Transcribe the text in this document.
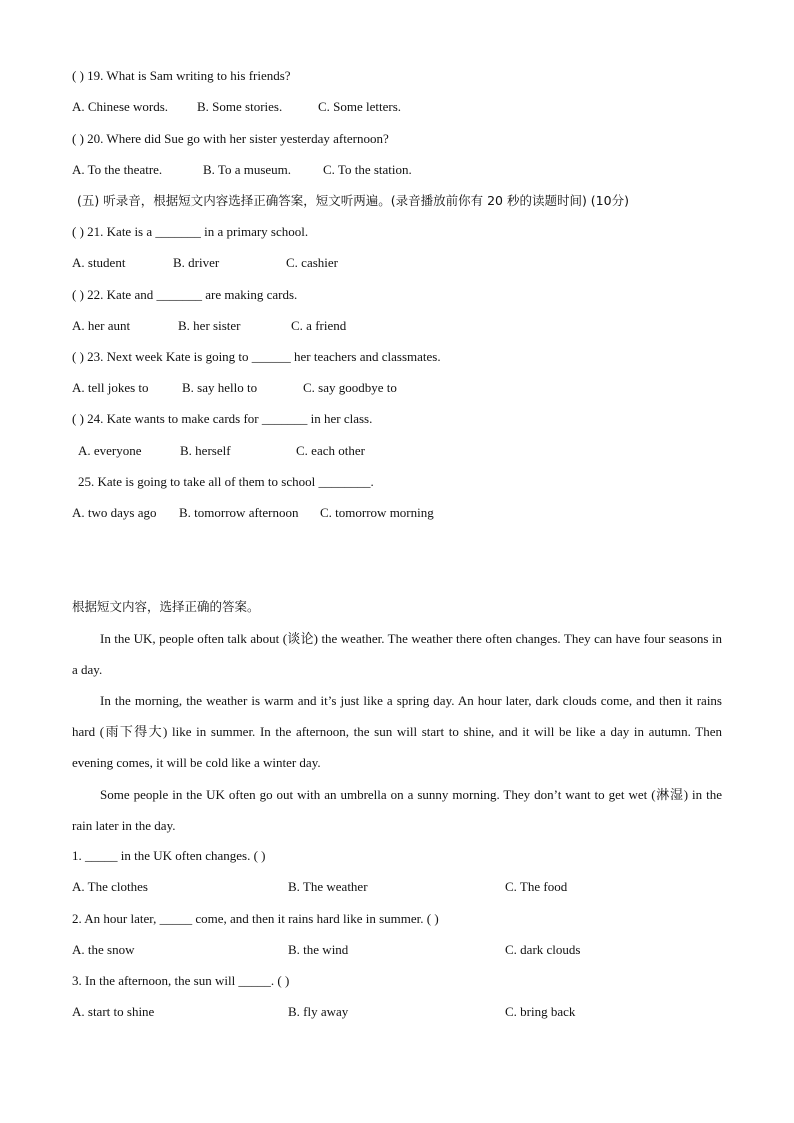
( ) 19. What is Sam writing to his friends?
A. Chinese words. B. Some stories.	C. Some letters.
( ) 20. Where did Sue go with her sister yesterday afternoon?
A. To the theatre.	B. To a museum. C. To the station.
(五) 听录音，根据短文内容选择正确答案，短文听两遍。(录音播放前你有 20 秒的读题时间) (10分)
( ) 21. Kate is a _______ in a primary school.
A. student	B. driver	C. cashier
( ) 22. Kate and _______ are making cards.
A. her aunt	B. her sister	C. a friend
( ) 23. Next week Kate is going to ______ her teachers and classmates.
A. tell jokes to	B. say hello to	C. say goodbye to
( ) 24. Kate wants to make cards for _______ in her class.
A. everyone	B. herself	C. each other
25. Kate is going to take all of them to school ________.
A. two days ago B. tomorrow afternoon C. tomorrow morning
根据短文内容，选择正确的答案。
In the UK, people often talk about (谈论) the weather. The weather there often changes. They can have four seasons in a day.
In the morning, the weather is warm and it’s just like a spring day. An hour later, dark clouds come, and then it rains hard (雨下得大) like in summer. In the afternoon, the sun will start to shine, and it will be like a day in autumn. Then evening comes, it will be cold like a winter day.
Some people in the UK often go out with an umbrella on a sunny morning. They don’t want to get wet (淋湿) in the rain later in the day.
1. _____ in the UK often changes. ( )
A. The clothes	B. The weather	C. The food
2. An hour later, _____ come, and then it rains hard like in summer. ( )
A. the snow	B. the wind	C. dark clouds
3. In the afternoon, the sun will _____. ( )
A. start to shine	B. fly away	C. bring back
